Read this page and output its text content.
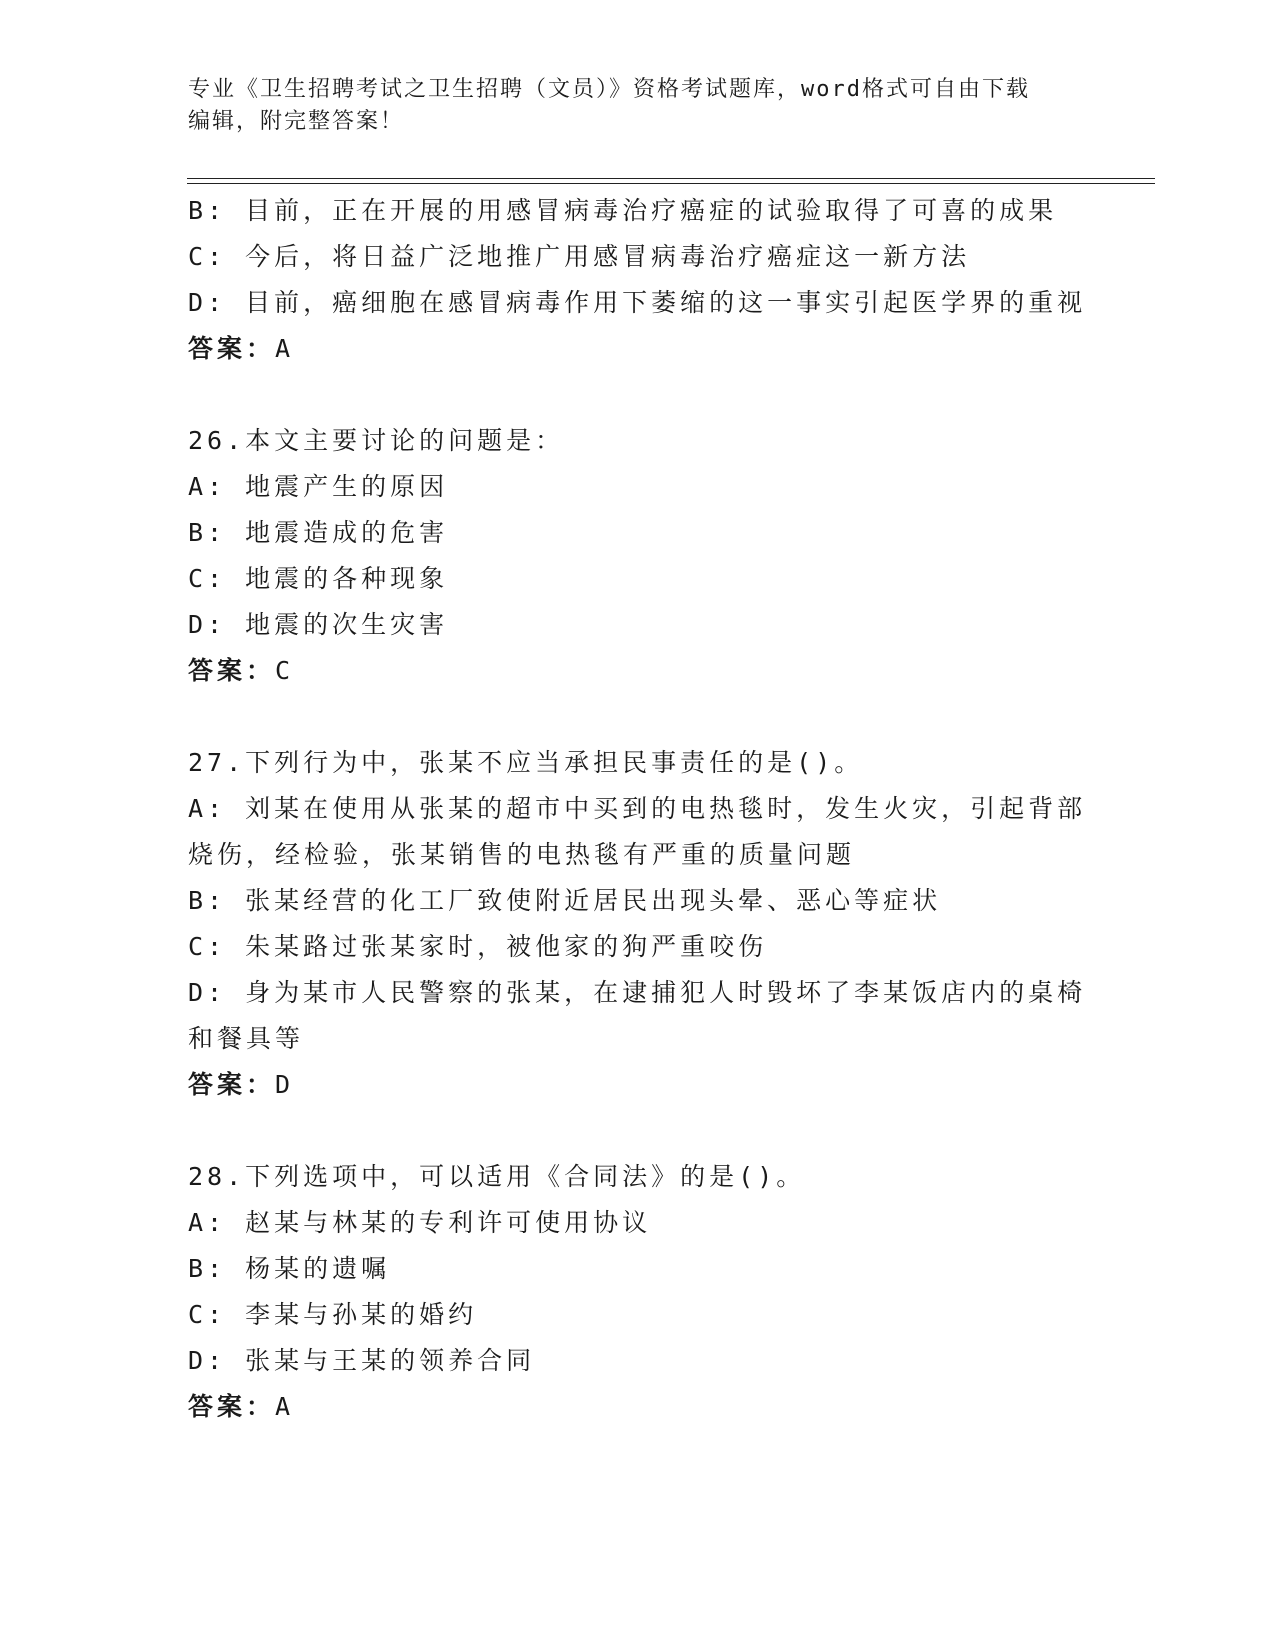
专业《卫生招聘考试之卫生招聘（文员）》资格考试题库，word格式可自由下载
编辑，附完整答案！
B: 目前，正在开展的用感冒病毒治疗癌症的试验取得了可喜的成果
C: 今后，将日益广泛地推广用感冒病毒治疗癌症这一新方法
D: 目前，癌细胞在感冒病毒作用下萎缩的这一事实引起医学界的重视
答案：A
26.本文主要讨论的问题是：
A: 地震产生的原因
B: 地震造成的危害
C: 地震的各种现象
D: 地震的次生灾害
答案：C
27.下列行为中，张某不应当承担民事责任的是()。
A: 刘某在使用从张某的超市中买到的电热毯时，发生火灾，引起背部
烧伤，经检验，张某销售的电热毯有严重的质量问题
B: 张某经营的化工厂致使附近居民出现头晕、恶心等症状
C: 朱某路过张某家时，被他家的狗严重咬伤
D: 身为某市人民警察的张某，在逮捕犯人时毁坏了李某饭店内的桌椅
和餐具等
答案：D
28.下列选项中，可以适用《合同法》的是()。
A: 赵某与林某的专利许可使用协议
B: 杨某的遗嘱
C: 李某与孙某的婚约
D: 张某与王某的领养合同
答案：A
